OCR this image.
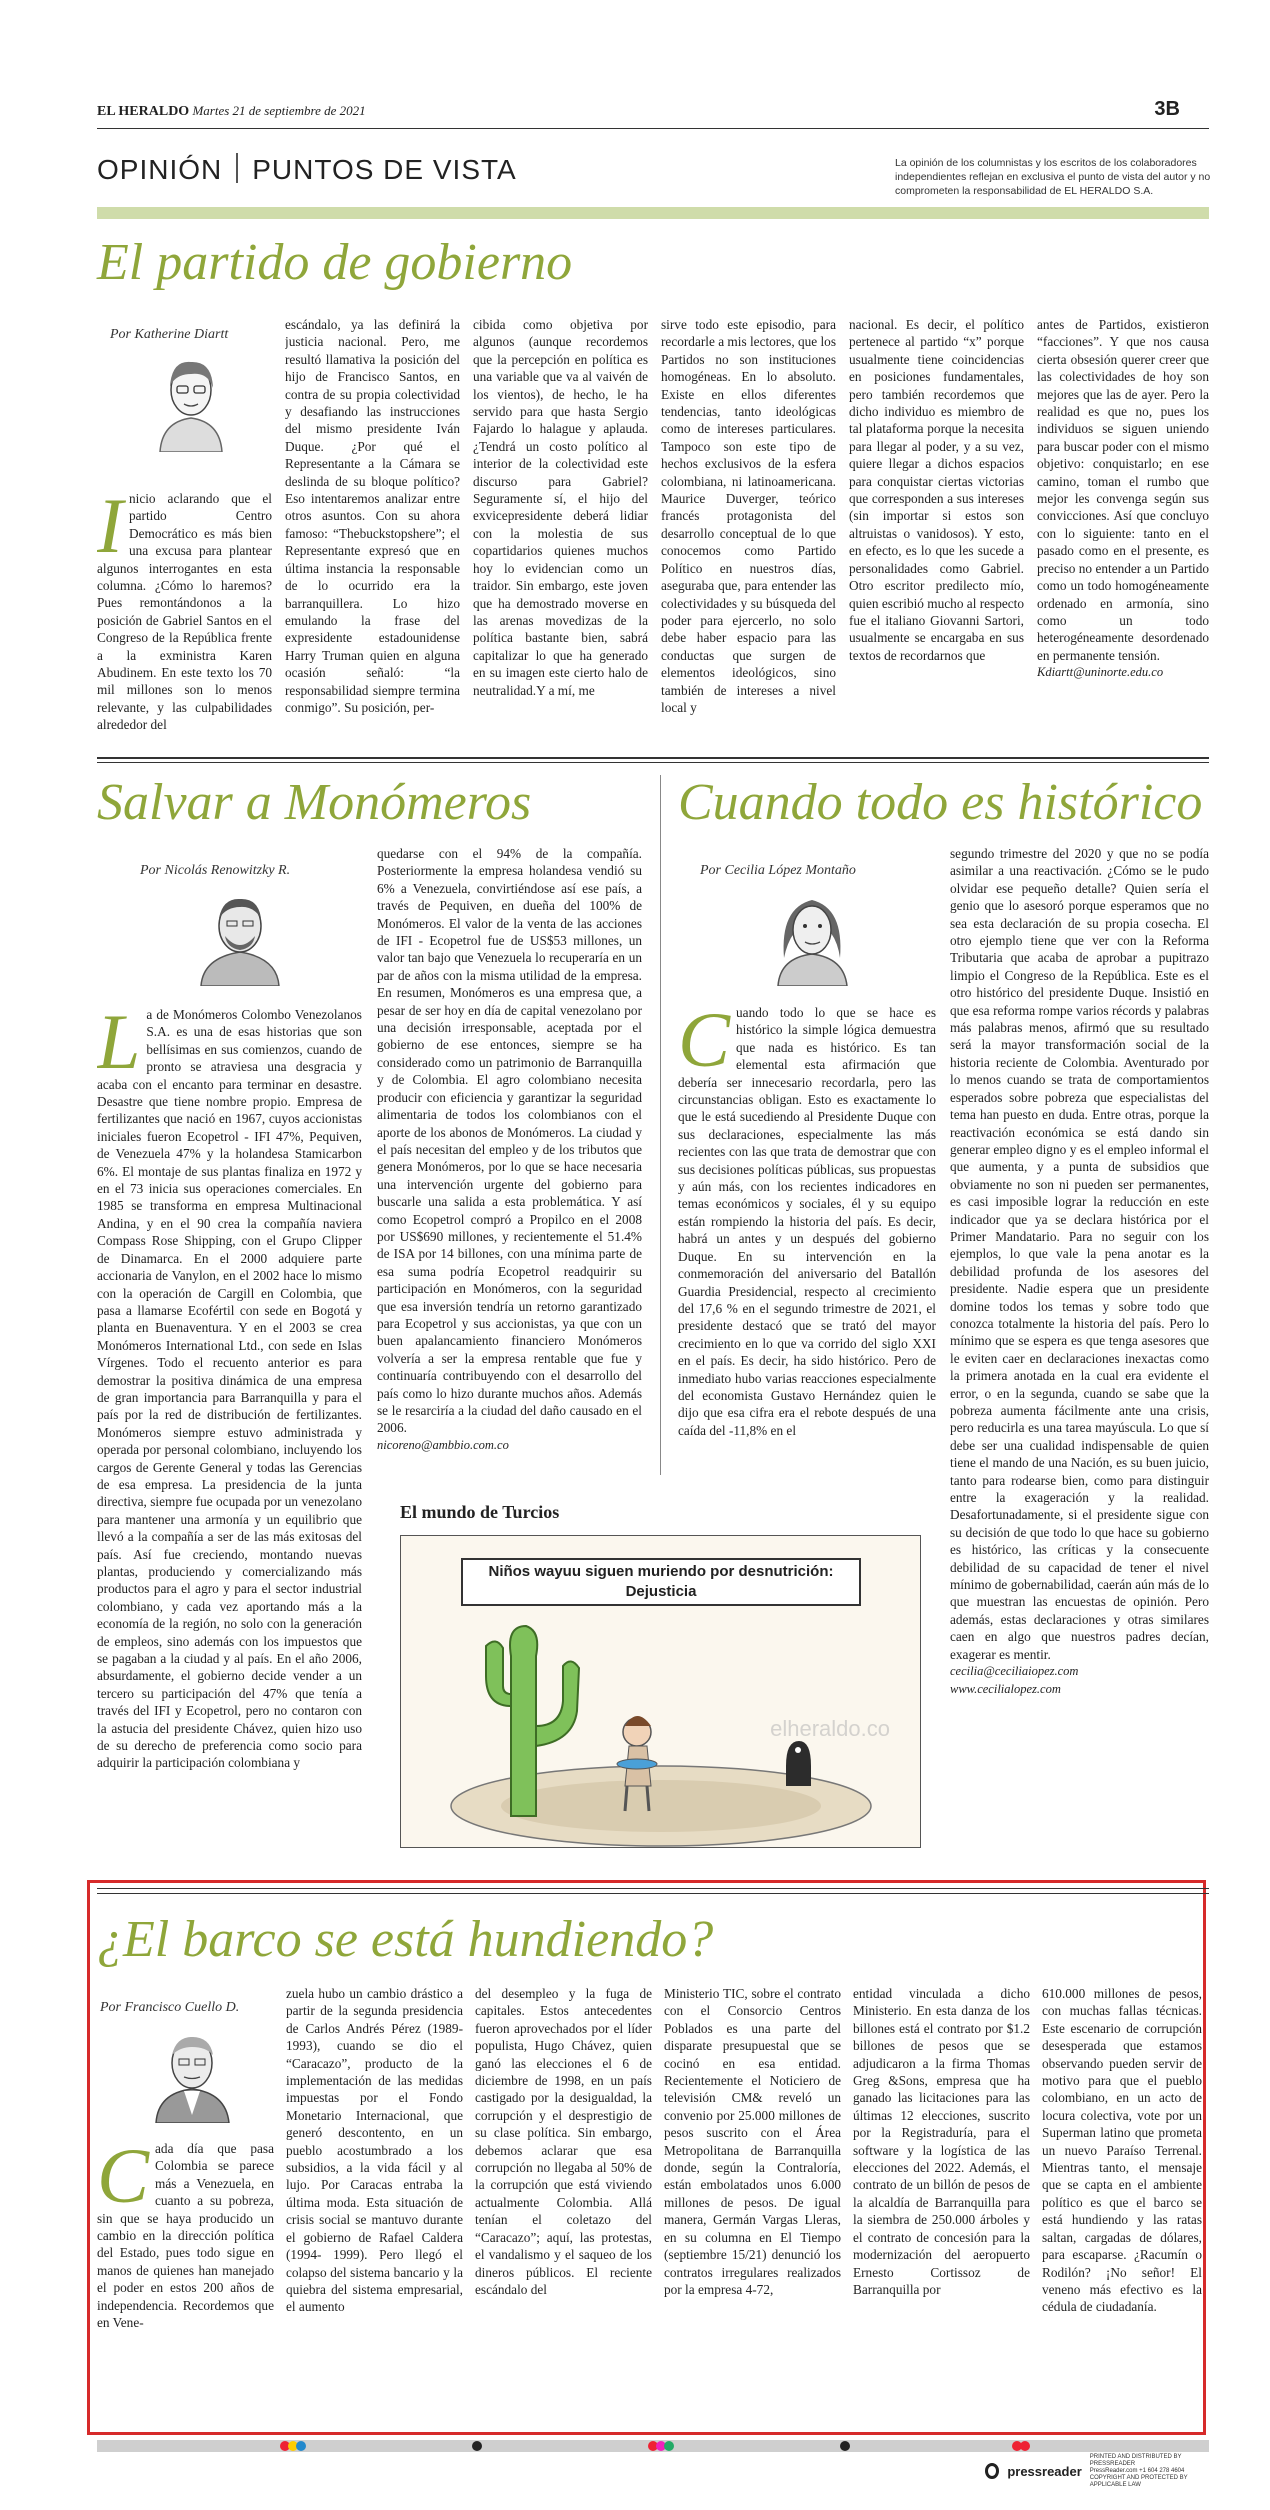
EL HERALDO Martes 21 de septiembre de 2021	3B
OPINIÓN PUNTOS DE VISTA	La opinión de los columnistas y los escritos de los colaboradores independientes reflejan en exclusiva el punto de vista del autor y no comprometen la responsabilidad de EL HERALDO S.A.
El partido de gobierno
Por Katherine Diartt
Inicio aclarando que el partido Centro Democrático es más bien una excusa para plantear algunos interrogantes en esta columna. ¿Cómo lo haremos? Pues remontándonos a la posición de Gabriel Santos en el Congreso de la República frente a la exministra Karen Abudinem. En este texto los 70 mil millones son lo menos relevante, y las culpabilidades alrededor del
escándalo, ya las definirá la justicia nacional. Pero, me resultó llamativa la posición del hijo de Francisco Santos, en contra de su propia colectividad y desafiando las instrucciones del mismo presidente Iván Duque. ¿Por qué el Representante a la Cámara se deslinda de su bloque político? Eso intentaremos analizar entre otros asuntos. Con su ahora famoso: “Thebuckstopshere”; el Representante expresó que en última instancia la responsable de lo ocurrido era la barranquillera. Lo hizo emulando la frase del expresidente estadounidense Harry Truman quien en alguna ocasión señaló: “la responsabilidad siempre termina conmigo”. Su posición, per-
cibida como objetiva por algunos (aunque recordemos que la percepción en política es una variable que va al vaivén de los vientos), de hecho, le ha servido para que hasta Sergio Fajardo lo halague y aplauda. ¿Tendrá un costo político al interior de la colectividad este discurso para Gabriel? Seguramente sí, el hijo del exvicepresidente deberá lidiar con la molestia de sus copartidarios quienes muchos hoy lo evidencian como un traidor. Sin embargo, este joven que ha demostrado moverse en las arenas movedizas de la política bastante bien, sabrá capitalizar lo que ha generado en su imagen este cierto halo de neutralidad.Y a mí, me
sirve todo este episodio, para recordarle a mis lectores, que los Partidos no son instituciones homogéneas. En lo absoluto. Existe en ellos diferentes tendencias, tanto ideológicas como de intereses particulares. Tampoco son este tipo de hechos exclusivos de la esfera colombiana, ni latinoamericana. Maurice Duverger, teórico francés protagonista del desarrollo conceptual de lo que conocemos como Partido Político en nuestros días, aseguraba que, para entender las colectividades y su búsqueda del poder para ejercerlo, no solo debe haber espacio para las conductas que surgen de elementos ideológicos, sino también de intereses a nivel local y
nacional. Es decir, el político pertenece al partido “x” porque usualmente tiene coincidencias en posiciones fundamentales, pero también recordemos que dicho individuo es miembro de tal plataforma porque la necesita para llegar al poder, y a su vez, quiere llegar a dichos espacios para conquistar ciertas victorias que corresponden a sus intereses (sin importar si estos son altruistas o vanidosos). Y esto, en efecto, es lo que les sucede a personalidades como Gabriel. Otro escritor predilecto mío, quien escribió mucho al respecto fue el italiano Giovanni Sartori, usualmente se encargaba en sus textos de recordarnos que
antes de Partidos, existieron “facciones”. Y que nos causa cierta obsesión querer creer que las colectividades de hoy son mejores que las de ayer. Pero la realidad es que no, pues los individuos se siguen uniendo para buscar poder con el mismo objetivo: conquistarlo; en ese camino, toman el rumbo que mejor les convenga según sus convicciones. Así que concluyo con lo siguiente: tanto en el pasado como en el presente, es preciso no entender a un Partido como un todo homogéneamente ordenado en armonía, sino como un todo heterogéneamente desordenado en permanente tensión.
Kdiartt@uninorte.edu.co
Salvar a Monómeros
Por Nicolás Renowitzky R.
La de Monómeros Colombo Venezolanos S.A. es una de esas historias que son bellísimas en sus comienzos, cuando de pronto se atraviesa una desgracia y acaba con el encanto para terminar en desastre. Desastre que tiene nombre propio. Empresa de fertilizantes que nació en 1967, cuyos accionistas iniciales fueron Ecopetrol - IFI 47%, Pequiven, de Venezuela 47% y la holandesa Stamicarbon 6%. El montaje de sus plantas finaliza en 1972 y en el 73 inicia sus operaciones comerciales. En 1985 se transforma en empresa Multinacional Andina, y en el 90 crea la compañía naviera Compass Rose Shipping, con el Grupo Clipper de Dinamarca. En el 2000 adquiere parte accionaria de Vanylon, en el 2002 hace lo mismo con la operación de Cargill en Colombia, que pasa a llamarse Ecofértil con sede en Bogotá y planta en Buenaventura. Y en el 2003 se crea Monómeros International Ltd., con sede en Islas Vírgenes. Todo el recuento anterior es para demostrar la positiva dinámica de una empresa de gran importancia para Barranquilla y para el país por la red de distribución de fertilizantes. Monómeros siempre estuvo administrada y operada por personal colombiano, incluyendo los cargos de Gerente General y todas las Gerencias de esa empresa. La presidencia de la junta directiva, siempre fue ocupada por un venezolano para mantener una armonía y un equilibrio que llevó a la compañía a ser de las más exitosas del país. Así fue creciendo, montando nuevas plantas, produciendo y comercializando más productos para el agro y para el sector industrial colombiano, y cada vez aportando más a la economía de la región, no solo con la generación de empleos, sino además con los impuestos que se pagaban a la ciudad y al país. En el año 2006, absurdamente, el gobierno decide vender a un tercero su participación del 47% que tenía a través del IFI y Ecopetrol, pero no contaron con la astucia del presidente Chávez, quien hizo uso de su derecho de preferencia como socio para adquirir la participación colombiana y
quedarse con el 94% de la compañía. Posteriormente la empresa holandesa vendió su 6% a Venezuela, convirtiéndose así ese país, a través de Pequiven, en dueña del 100% de Monómeros. El valor de la venta de las acciones de IFI - Ecopetrol fue de US$53 millones, un valor tan bajo que Venezuela lo recuperaría en un par de años con la misma utilidad de la empresa. En resumen, Monómeros es una empresa que, a pesar de ser hoy en día de capital venezolano por una decisión irresponsable, aceptada por el gobierno de ese entonces, siempre se ha considerado como un patrimonio de Barranquilla y de Colombia. El agro colombiano necesita producir con eficiencia y garantizar la seguridad alimentaria de todos los colombianos con el aporte de los abonos de Monómeros. La ciudad y el país necesitan del empleo y de los tributos que genera Monómeros, por lo que se hace necesaria una intervención urgente del gobierno para buscarle una salida a esta problemática. Y así como Ecopetrol compró a Propilco en el 2008 por US$690 millones, y recientemente el 51.4% de ISA por 14 billones, con una mínima parte de esa suma podría Ecopetrol readquirir su participación en Monómeros, con la seguridad que esa inversión tendría un retorno garantizado para Ecopetrol y sus accionistas, ya que con un buen apalancamiento financiero Monómeros volvería a ser la empresa rentable que fue y continuaría contribuyendo con el desarrollo del país como lo hizo durante muchos años. Además se le resarciría a la ciudad del daño causado en el 2006.
nicoreno@ambbio.com.co
Cuando todo es histórico
Por Cecilia López Montaño
Cuando todo lo que se hace es histórico la simple lógica demuestra que nada es histórico. Es tan elemental esta afirmación que debería ser innecesario recordarla, pero las circunstancias obligan. Esto es exactamente lo que le está sucediendo al Presidente Duque con sus declaraciones, especialmente las más recientes con las que trata de demostrar que con sus decisiones políticas públicas, sus propuestas y aún más, con los recientes indicadores en temas económicos y sociales, él y su equipo están rompiendo la historia del país. Es decir, habrá un antes y un después del gobierno Duque. En su intervención en la conmemoración del aniversario del Batallón Guardia Presidencial, respecto al crecimiento del 17,6 % en el segundo trimestre de 2021, el presidente destacó que se trató del mayor crecimiento en lo que va corrido del siglo XXI en el país. Es decir, ha sido histórico. Pero de inmediato hubo varias reacciones especialmente del economista Gustavo Hernández quien le dijo que esa cifra era el rebote después de una caída del -11,8% en el
segundo trimestre del 2020 y que no se podía asimilar a una reactivación. ¿Cómo se le pudo olvidar ese pequeño detalle? Quien sería el genio que lo asesoró porque esperamos que no sea esta declaración de su propia cosecha. El otro ejemplo tiene que ver con la Reforma Tributaria que acaba de aprobar a pupitrazo limpio el Congreso de la República. Este es el otro histórico del presidente Duque. Insistió en que esa reforma rompe varios récords y palabras más palabras menos, afirmó que su resultado será la mayor transformación social de la historia reciente de Colombia. Aventurado por lo menos cuando se trata de comportamientos esperados sobre pobreza que especialistas del tema han puesto en duda. Entre otras, porque la reactivación económica se está dando sin generar empleo digno y es el empleo informal el que aumenta, y a punta de subsidios que obviamente no son ni pueden ser permanentes, es casi imposible lograr la reducción en este indicador que ya se declara histórica por el Primer Mandatario. Para no seguir con los ejemplos, lo que vale la pena anotar es la debilidad profunda de los asesores del presidente. Nadie espera que un presidente domine todos los temas y sobre todo que conozca totalmente la historia del país. Pero lo mínimo que se espera es que tenga asesores que le eviten caer en declaraciones inexactas como la primera anotada en la cual era evidente el error, o en la segunda, cuando se sabe que la pobreza aumenta fácilmente ante una crisis, pero reducirla es una tarea mayúscula. Lo que sí debe ser una cualidad indispensable de quien tiene el mando de una Nación, es su buen juicio, tanto para rodearse bien, como para distinguir entre la exageración y la realidad. Desafortunadamente, si el presidente sigue con su decisión de que todo lo que hace su gobierno es histórico, las críticas y la consecuente debilidad de su capacidad de tener el nivel mínimo de gobernabilidad, caerán aún más de lo que muestran las encuestas de opinión. Pero además, estas declaraciones y otras similares caen en algo que nuestros padres decían, exagerar es mentir.
cecilia@ceciliaiopez.com
www.cecilialopez.com
El mundo de Turcios
Niños wayuu siguen muriendo por desnutrición: Dejusticia
elheraldo.co
¿El barco se está hundiendo?
Por Francisco Cuello D.
Cada día que pasa Colombia se parece más a Venezuela, en cuanto a su pobreza, sin que se haya producido un cambio en la dirección política del Estado, pues todo sigue en manos de quienes han manejado el poder en estos 200 años de independencia. Recordemos que en Vene-
zuela hubo un cambio drástico a partir de la segunda presidencia de Carlos Andrés Pérez (1989- 1993), cuando se dio el “Caracazo”, producto de la implementación de las medidas impuestas por el Fondo Monetario Internacional, que generó descontento, en un pueblo acostumbrado a los subsidios, a la vida fácil y al lujo. Por Caracas entraba la última moda. Esta situación de crisis social se mantuvo durante el gobierno de Rafael Caldera (1994- 1999). Pero llegó el colapso del sistema bancario y la quiebra del sistema empresarial, el aumento
del desempleo y la fuga de capitales. Estos antecedentes fueron aprovechados por el líder populista, Hugo Chávez, quien ganó las elecciones el 6 de diciembre de 1998, en un país castigado por la desigualdad, la corrupción y el desprestigio de su clase política. Sin embargo, debemos aclarar que esa corrupción no llegaba al 50% de la corrupción que está viviendo actualmente Colombia. Allá tenían el coletazo del “Caracazo”; aquí, las protestas, el vandalismo y el saqueo de los dineros públicos. El reciente escándalo del
Ministerio TIC, sobre el contrato con el Consorcio Centros Poblados es una parte del disparate presupuestal que se cocinó en esa entidad. Recientemente el Noticiero de televisión CM& reveló un convenio por 25.000 millones de pesos suscrito con el Área Metropolitana de Barranquilla donde, según la Contraloría, están embolatados unos 6.000 millones de pesos. De igual manera, Germán Vargas Lleras, en su columna en El Tiempo (septiembre 15/21) denunció los contratos irregulares realizados por la empresa 4-72,
entidad vinculada a dicho Ministerio. En esta danza de los billones está el contrato por $1.2 billones de pesos que se adjudicaron a la firma Thomas Greg &Sons, empresa que ha ganado las licitaciones para las últimas 12 elecciones, suscrito por la Registraduría, para el software y la logística de las elecciones del 2022. Además, el contrato de un billón de pesos de la alcaldía de Barranquilla para la siembra de 250.000 árboles y el contrato de concesión para la modernización del aeropuerto Ernesto Cortissoz de Barranquilla por
610.000 millones de pesos, con muchas fallas técnicas. Este escenario de corrupción desesperada que estamos observando pueden servir de motivo para que el pueblo colombiano, en un acto de locura colectiva, vote por un Superman latino que prometa un nuevo Paraíso Terrenal. Mientras tanto, el mensaje que se capta en el ambiente político es que el barco se está hundiendo y las ratas saltan, cargadas de dólares, para escaparse. ¿Racumín o Rodilón? ¡No señor! El veneno más efectivo es la cédula de ciudadanía.
pressreader
PRINTED AND DISTRIBUTED BY PRESSREADER
PressReader.com +1 604 278 4604
COPYRIGHT AND PROTECTED BY APPLICABLE LAW
